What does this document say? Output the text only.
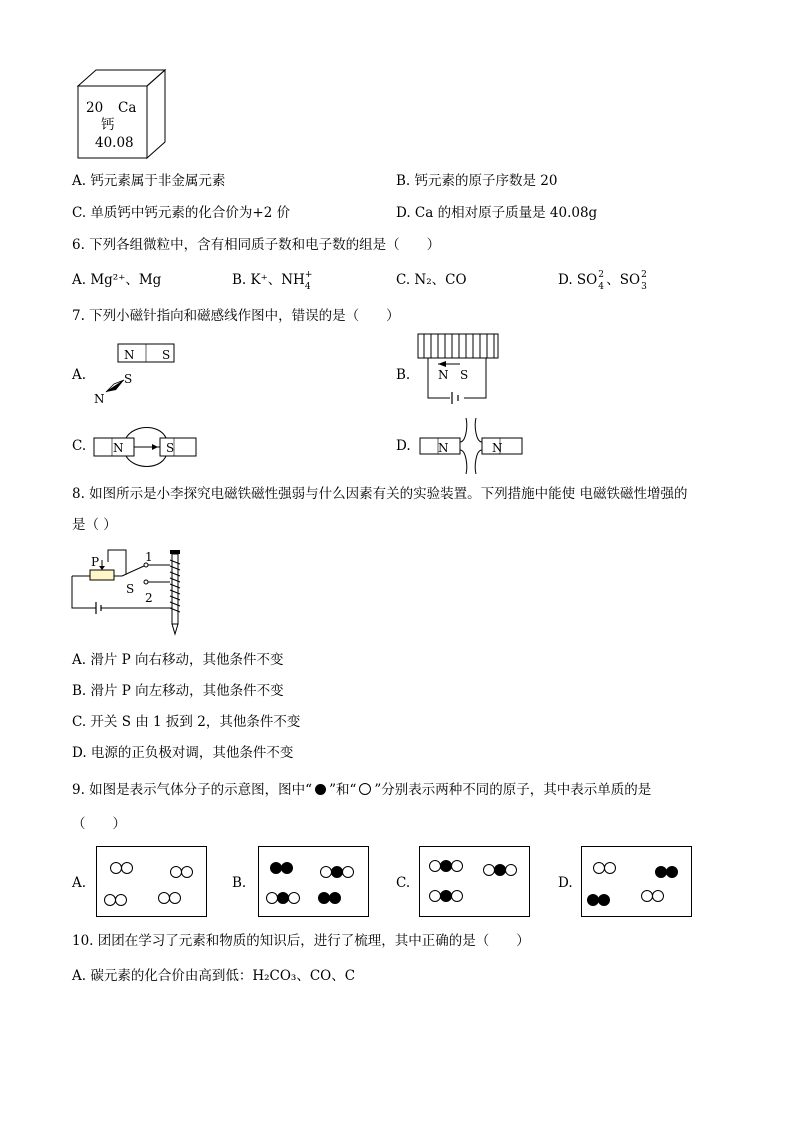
20 Ca
钙
40.08
A. 钙元素属于非金属元素	B. 钙元素的原子序数是 20
C. 单质钙中钙元素的化合价为+2 价	D. Ca 的相对原子质量是 40.08g
6. 下列各组微粒中，含有相同质子数和电子数的组是（　　）
A. Mg²⁺、Mg	B. K⁺、NH +
4	C. N₂、CO	D. SO 2
4 、SO 2
3
7. 下列小磁针指向和磁感线作图中，错误的是（　　）
A.
N S
S
N
B. N S
C. N	S	D. N	N
8. 如图所示是小李探究电磁铁磁性强弱与什么因素有关的实验装置。下列措施中能使 电磁铁磁性增强的
是（ ）
P
S
1
2
A. 滑片 P 向右移动，其他条件不变
B. 滑片 P 向左移动，其他条件不变
C. 开关 S 由 1 扳到 2，其他条件不变
D. 电源的正负极对调，其他条件不变
9. 如图是表示气体分子的示意图，图中“ ”和“ ”分别表示两种不同的原子，其中表示单质的是
（　　）
A.	B.	C.	D.
10. 团团在学习了元素和物质的知识后，进行了梳理，其中正确的是（　　）
A. 碳元素的化合价由高到低：H₂CO₃、CO、C
